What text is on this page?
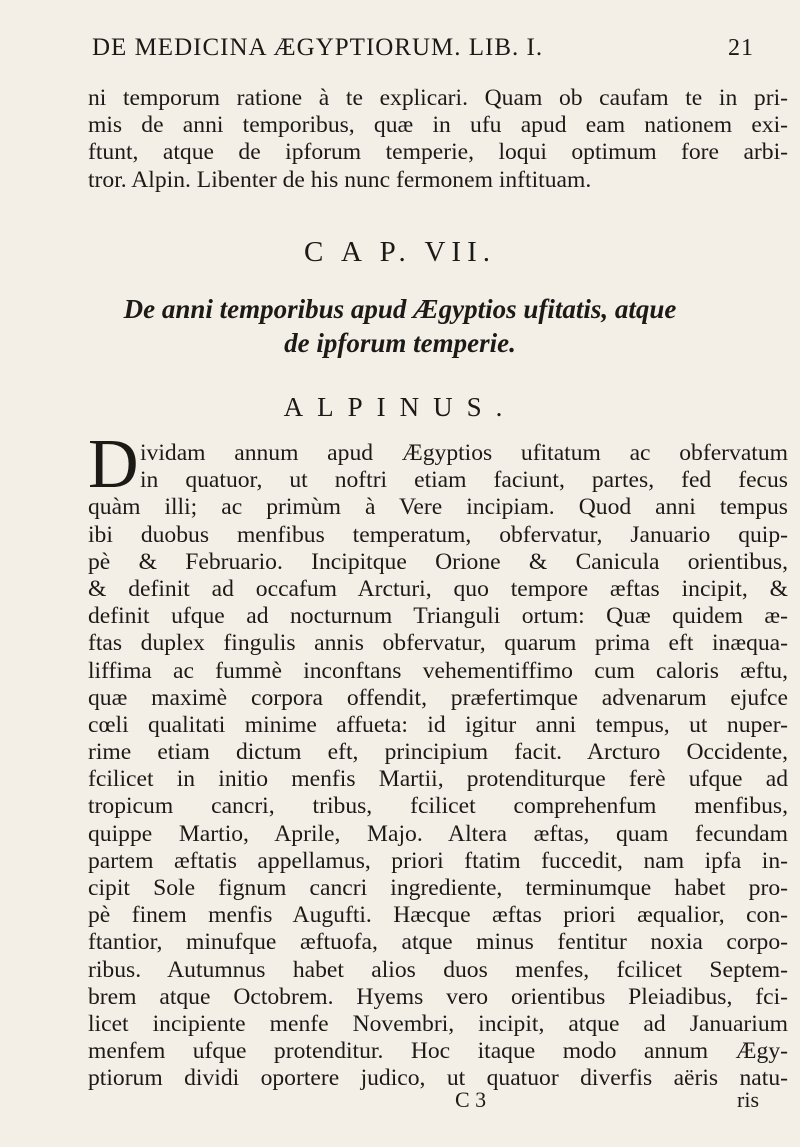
DE MEDICINA ÆGYPTIORUM. LIB. I.	21
ni temporum ratione à te explicari. Quam ob caufam te in pri-
mis de anni temporibus, quæ in ufu apud eam nationem exi-
ftunt, atque de ipforum temperie, loqui optimum fore arbi-
tror. Alpin. Libenter de his nunc fermonem inftituam.
C A P. VII.
De anni temporibus apud Ægyptios ufitatis, atque
de ipforum temperie.
ALPINUS.
D ividam annum apud Ægyptios ufitatum ac obfervatum
in quatuor, ut noftri etiam faciunt, partes, fed fecus
quàm illi; ac primùm à Vere incipiam. Quod anni tempus
ibi duobus menfibus temperatum, obfervatur, Januario quip-
pè & Februario. Incipitque Orione & Canicula orientibus,
& definit ad occafum Arcturi, quo tempore æftas incipit, &
definit ufque ad nocturnum Trianguli ortum: Quæ quidem æ-
ftas duplex fingulis annis obfervatur, quarum prima eft inæqua-
liffima ac fummè inconftans vehementiffimo cum caloris æftu,
quæ maximè corpora offendit, præfertimque advenarum ejufce
cœli qualitati minime affueta: id igitur anni tempus, ut nuper-
rime etiam dictum eft, principium facit. Arcturo Occidente,
fcilicet in initio menfis Martii, protenditurque ferè ufque ad
tropicum cancri, tribus, fcilicet comprehenfum menfibus,
quippe Martio, Aprile, Majo. Altera æftas, quam fecundam
partem æftatis appellamus, priori ftatim fuccedit, nam ipfa in-
cipit Sole fignum cancri ingrediente, terminumque habet pro-
pè finem menfis Augufti. Hæcque æftas priori æqualior, con-
ftantior, minufque æftuofa, atque minus fentitur noxia corpo-
ribus. Autumnus habet alios duos menfes, fcilicet Septem-
brem atque Octobrem. Hyems vero orientibus Pleiadibus, fci-
licet incipiente menfe Novembri, incipit, atque ad Januarium
menfem ufque protenditur. Hoc itaque modo annum Ægy-
ptiorum dividi oportere judico, ut quatuor diverfis aëris natu-
C 3	ris
